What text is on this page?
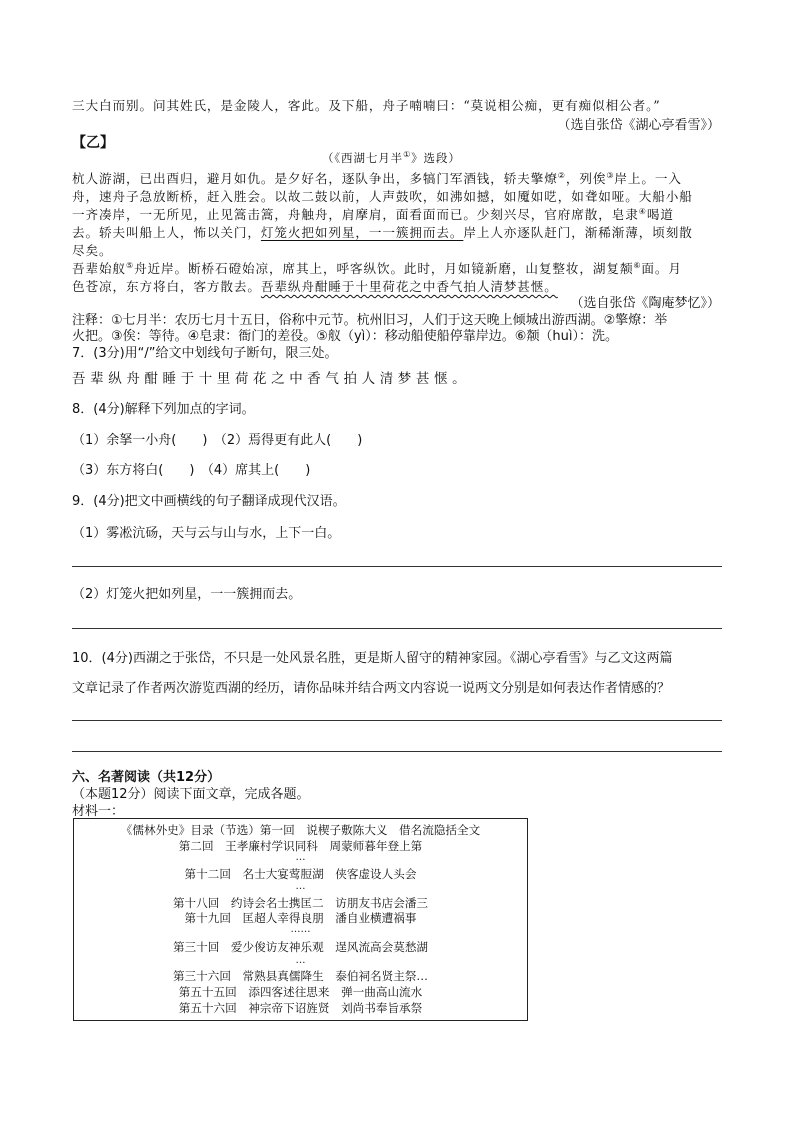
三大白而别。问其姓氏，是金陵人，客此。及下船，舟子喃喃曰：“莫说相公痴，更有痴似相公者。”
（选自张岱《湖心亭看雪》）
【乙】
（《西湖七月半①》选段）
杭人游湖，已出酉归，避月如仇。是夕好名，逐队争出，多犒门军酒钱，轿夫擎燎②，列俟③岸上。一入
舟，速舟子急放断桥，赶入胜会。以故二鼓以前，人声鼓吹，如沸如撼，如魇如呓，如聋如哑。大船小船
一齐凑岸，一无所见，止见篙击篙，舟触舟，肩摩肩，面看面而已。少刻兴尽，官府席散，皂隶④喝道
去。轿夫叫船上人，怖以关门，灯笼火把如列星，一一簇拥而去。岸上人亦逐队赶门，渐稀渐薄，顷刻散
尽矣。
吾辈始舣⑤舟近岸。断桥石磴始凉，席其上，呼客纵饮。此时，月如镜新磨，山复整妆，湖复颒⑥面。月
色苍凉，东方将白，客方散去。吾辈纵舟酣睡于十里荷花之中香气拍人清梦甚惬。
（选自张岱《陶庵梦忆》）
注释：①七月半：农历七月十五日，俗称中元节。杭州旧习，人们于这天晚上倾城出游西湖。②擎燎：举
火把。③俟：等待。④皂隶：衙门的差役。⑤舣（yì）：移动船使船停靠岸边。⑥颒（huì）：洗。
7．(3分)用“/”给文中划线句子断句，限三处。
吾辈纵舟酣睡于十里荷花之中香气拍人清梦甚惬。
8．(4分)解释下列加点的字词。
（1）余拏一小舟(　　)　（2）焉得更有此人(　　)
（3）东方将白(　　)　（4）席其上(　　)
9．(4分)把文中画横线的句子翻译成现代汉语。
（1）雾凇沆砀，天与云与山与水，上下一白。
（2）灯笼火把如列星，一一簇拥而去。
10．(4分)西湖之于张岱，不只是一处风景名胜，更是斯人留守的精神家园。《湖心亭看雪》与乙文这两篇
文章记录了作者两次游览西湖的经历，请你品味并结合两文内容说一说两文分别是如何表达作者情感的？
六、名著阅读（共12分）
（本题12分）阅读下面文章，完成各题。
材料一：
《儒林外史》目录（节选）第一回　说楔子敷陈大义　借名流隐括全文
第二回　王孝廉村学识同科　周蒙师暮年登上第
…
第十二回　名士大宴莺脰湖　侠客虚设人头会
…
第十八回　约诗会名士携匡二　访朋友书店会潘三
第十九回　匡超人幸得良朋　潘自业横遭祸事
……
第三十回　爱少俊访友神乐观　逞风流高会莫愁湖
…
第三十六回　常熟县真儒降生　泰伯祠名贤主祭…
第五十五回　添四客述往思来　弹一曲高山流水
第五十六回　神宗帝下诏旌贤　刘尚书奉旨承祭
